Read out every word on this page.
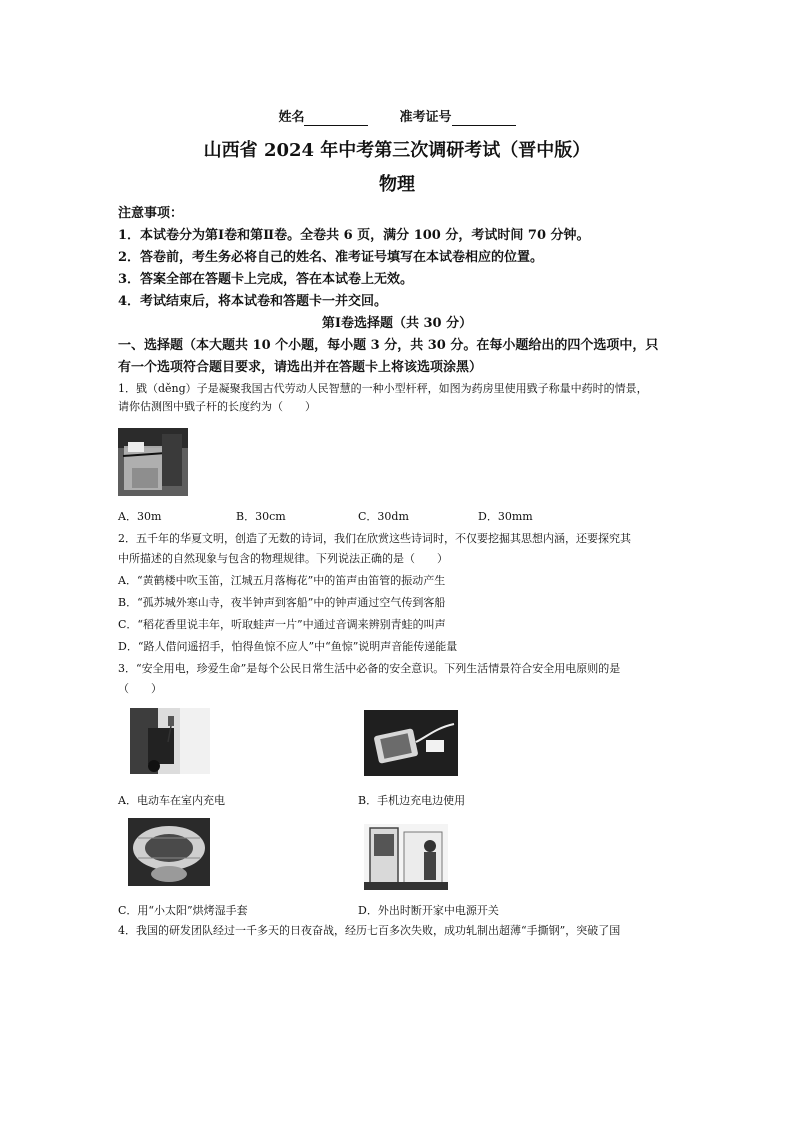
姓名	准考证号
山西省 2024 年中考第三次调研考试（晋中版）
物理
注意事项：
1．本试卷分为第Ⅰ卷和第Ⅱ卷。全卷共 6 页，满分 100 分，考试时间 70 分钟。
2．答卷前，考生务必将自己的姓名、准考证号填写在本试卷相应的位置。
3．答案全部在答题卡上完成，答在本试卷上无效。
4．考试结束后，将本试卷和答题卡一并交回。
第Ⅰ卷选择题（共 30 分）
一、选择题（本大题共 10 个小题，每小题 3 分，共 30 分。在每小题给出的四个选项中，只
有一个选项符合题目要求，请选出并在答题卡上将该选项涂黑）
1．戥（děng）子是凝聚我国古代劳动人民智慧的一种小型杆秤，如图为药房里使用戥子称量中药时的情景，
请你估测图中戥子杆的长度约为（　　）
A．30m	B．30cm	C．30dm	D．30mm
2．五千年的华夏文明，创造了无数的诗词，我们在欣赏这些诗词时，不仅要挖掘其思想内涵，还要探究其
中所描述的自然现象与包含的物理规律。下列说法正确的是（　　）
A．“黄鹤楼中吹玉笛，江城五月落梅花”中的笛声由笛管的振动产生
B．“孤苏城外寒山寺，夜半钟声到客船”中的钟声通过空气传到客船
C．“稻花香里说丰年，听取蛙声一片”中通过音调来辨别青蛙的叫声
D．“路人借问遥招手，怕得鱼惊不应人”中“鱼惊”说明声音能传递能量
3．“安全用电，珍爱生命”是每个公民日常生活中必备的安全意识。下列生活情景符合安全用电原则的是
（　　）
A．电动车在室内充电	B．手机边充电边使用
C．用“小太阳”烘烤湿手套	D．外出时断开家中电源开关
4．我国的研发团队经过一千多天的日夜奋战，经历七百多次失败，成功轧制出超薄“手撕钢”，突破了国
